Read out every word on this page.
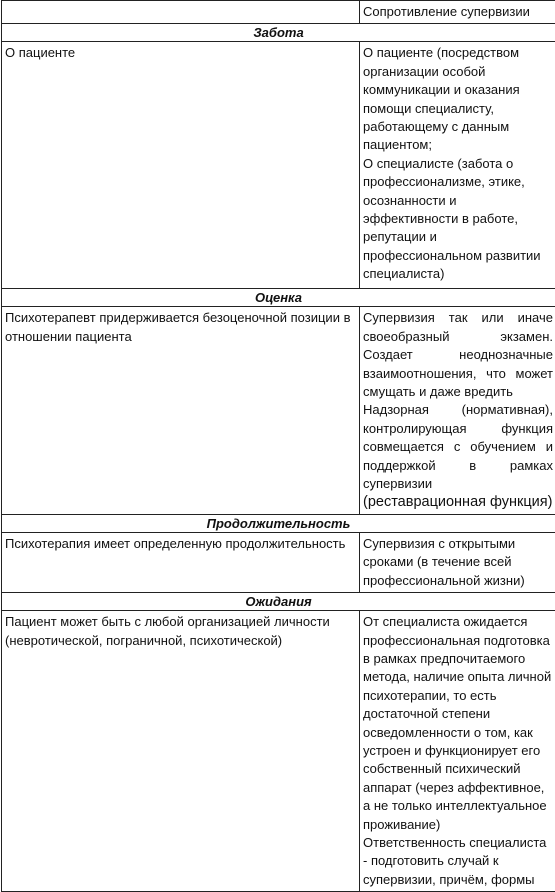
	Сопротивление супервизии
Забота	

О пациенте	О пациенте (посредством организации особой коммуникации и оказания помощи специалисту, работающему с данным пациентом;
О специалисте (забота о профессионализме, этике, осознанности и эффективности в работе, репутации и профессиональном развитии специалиста)

Оценка	

Психотерапевт придерживается безоценочной позиции в отношении пациента	Супервизия так или иначе своеобразный экзамен. Создает неоднозначные взаимоотношения, что может смущать и даже вредить
Надзорная (нормативная), контролирующая функция совмещается с обучением и поддержкой в рамках супервизии
(реставрационная функция)

Продолжительность	

Психотерапия имеет определенную продолжительность	Супервизия с открытыми сроками (в течение всей профессиональной жизни)

Ожидания	

Пациент может быть с любой организацией личности (невротической, пограничной, психотической)	От специалиста ожидается профессиональная подготовка в рамках предпочитаемого метода, наличие опыта личной психотерапии, то есть достаточной степени осведомленности о том, как устроен и функционирует его собственный психический аппарат (через аффективное, а не только интеллектуальное проживание)
Ответственность специалиста - подготовить случай к супервизии, причём, формы
